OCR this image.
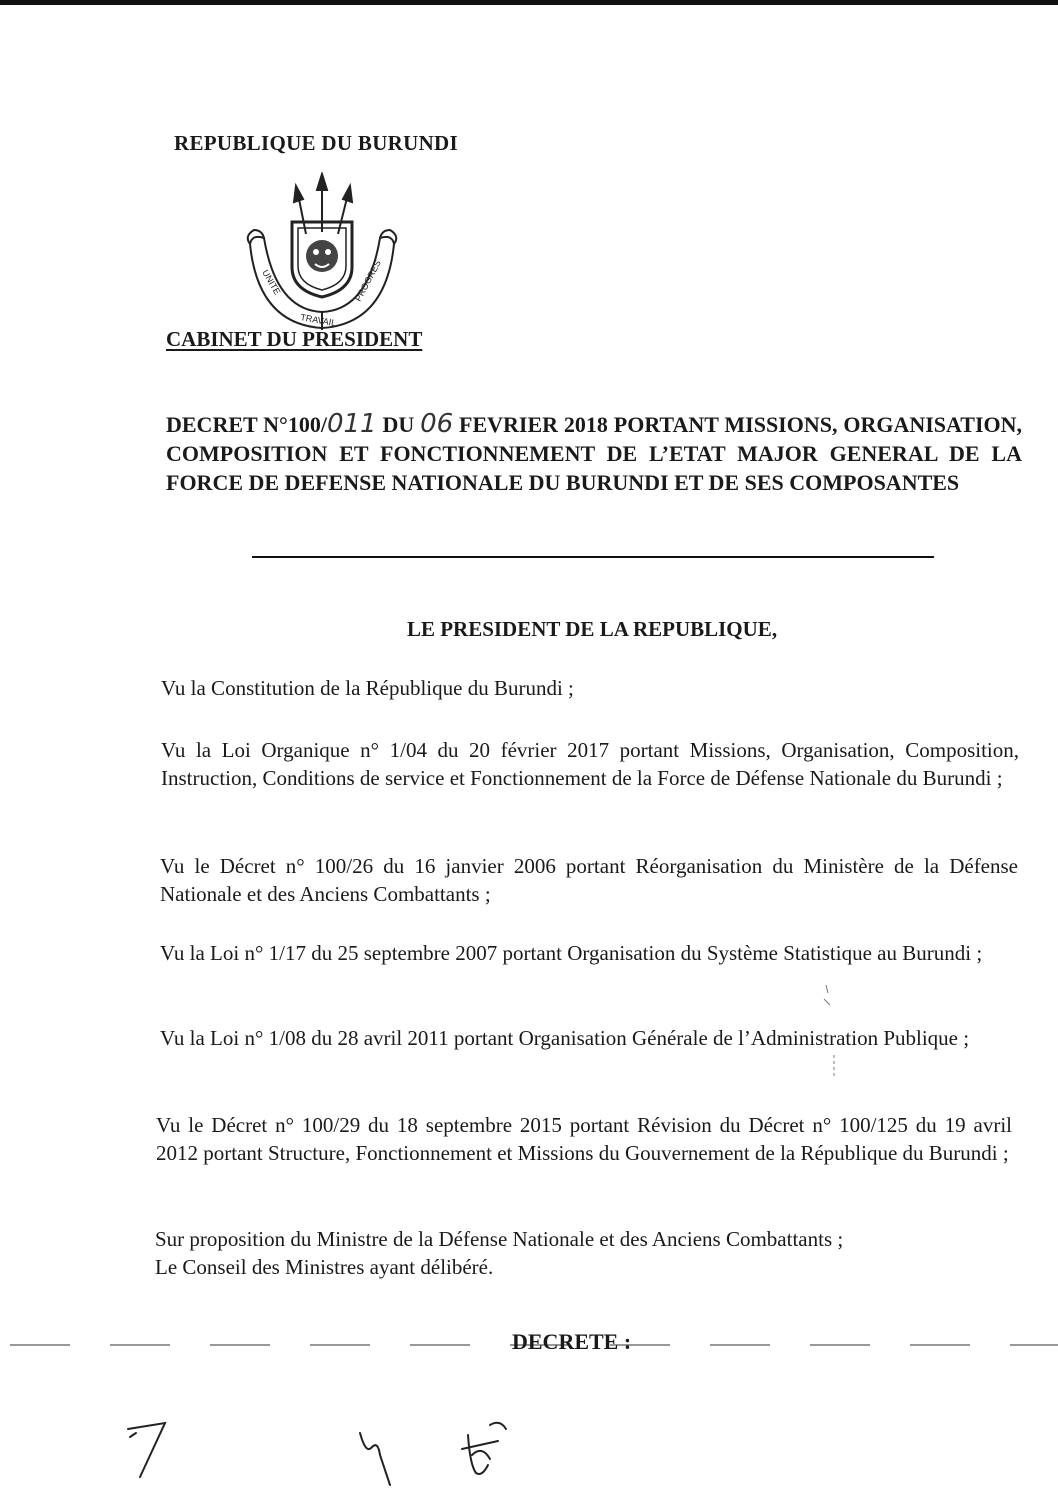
REPUBLIQUE DU BURUNDI
UNITE
TRAVAIL
PROGRES
CABINET DU PRESIDENT
DECRET N°100/011 DU 06 FEVRIER 2018 PORTANT MISSIONS, ORGANISATION, COMPOSITION ET FONCTIONNEMENT DE L’ETAT MAJOR GENERAL DE LA FORCE DE DEFENSE NATIONALE DU BURUNDI ET DE SES COMPOSANTES
LE PRESIDENT DE LA REPUBLIQUE,
Vu la Constitution de la République du Burundi ;
Vu la Loi Organique n° 1/04 du 20 février 2017 portant Missions, Organisation, Composition, Instruction, Conditions de service et Fonctionnement de la Force de Défense Nationale du Burundi ;
Vu le Décret n° 100/26 du 16 janvier 2006 portant Réorganisation du Ministère de la Défense Nationale et des Anciens Combattants ;
Vu la Loi n° 1/17 du 25 septembre 2007 portant Organisation du Système Statistique au Burundi ;
Vu la Loi n° 1/08 du 28 avril 2011 portant Organisation Générale de l’Administration Publique ;
Vu le Décret n° 100/29 du 18 septembre 2015 portant Révision du Décret n° 100/125 du 19 avril 2012 portant Structure, Fonctionnement et Missions du Gouvernement de la République du Burundi ;
Sur proposition du Ministre de la Défense Nationale et des Anciens Combattants ;
Le Conseil des Ministres ayant délibéré.
DECRETE :
